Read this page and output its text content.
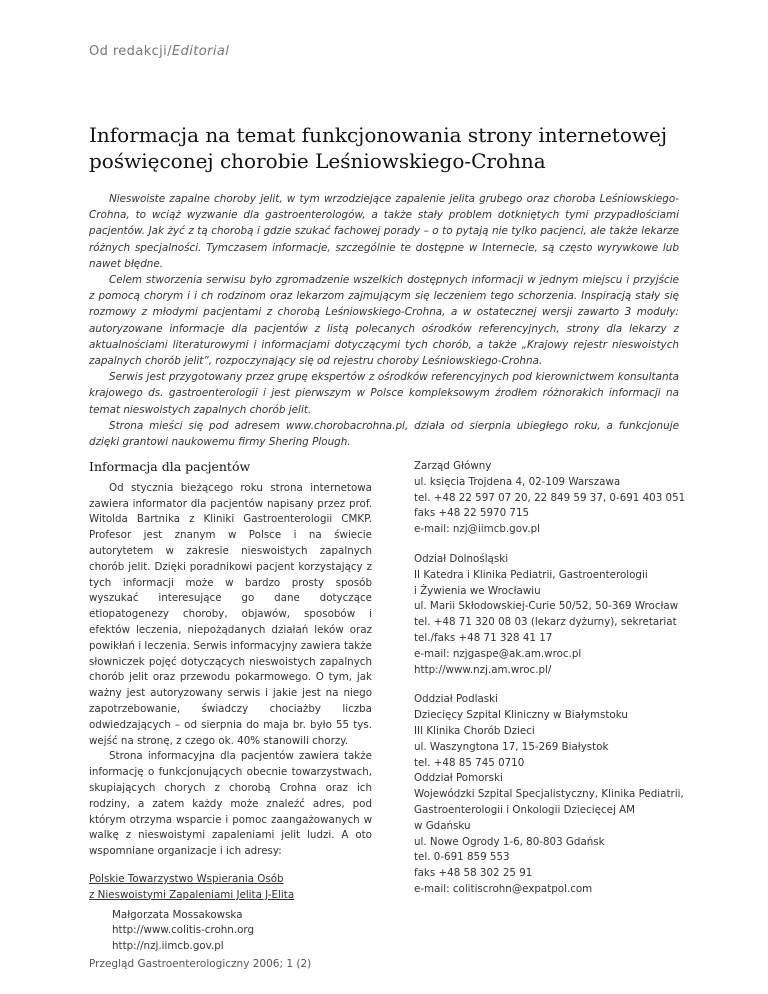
Od redakcji/Editorial
Informacja na temat funkcjonowania strony internetowej poświęconej chorobie Leśniowskiego-Crohna

Nieswoiste zapalne choroby jelit, w tym wrzodziejące zapalenie jelita grubego oraz choroba Leśniowskiego-Crohna, to wciąż wyzwanie dla gastroenterologów, a także stały problem dotkniętych tymi przypadłościami pacjentów. Jak żyć z tą chorobą i gdzie szukać fachowej porady – o to pytają nie tylko pacjenci, ale także lekarze różnych specjalności. Tymczasem informacje, szczególnie te dostępne w Internecie, są często wyrywkowe lub nawet błędne.

Celem stworzenia serwisu było zgromadzenie wszelkich dostępnych informacji w jednym miejscu i przyjście z pomocą chorym i i ch rodzinom oraz lekarzom zajmującym się leczeniem tego schorzenia. Inspiracją stały się rozmowy z młodymi pacjentami z chorobą Leśniowskiego-Crohna, a w ostatecznej wersji zawarto 3 moduły: autoryzowane informacje dla pacjentów z listą polecanych ośrodków referencyjnych, strony dla lekarzy z aktualnościami literaturowymi i informacjami dotyczącymi tych chorób, a także „Krajowy rejestr nieswoistych zapalnych chorób jelit”, rozpoczynający się od rejestru choroby Leśniowskiego-Crohna.

Serwis jest przygotowany przez grupę ekspertów z ośrodków referencyjnych pod kierownictwem konsultanta krajowego ds. gastroenterologii i jest pierwszym w Polsce kompleksowym źrodłem różnorakich informacji na temat nieswoistych zapalnych chorób jelit.

Strona mieści się pod adresem www.chorobacrohna.pl, działa od sierpnia ubiegłego roku, a funkcjonuje dzięki grantowi naukowemu firmy Shering Plough.

Informacja dla pacjentów

Od stycznia bieżącego roku strona internetowa zawiera informator dla pacjentów napisany przez prof. Witolda Bartnika z Kliniki Gastroenterologii CMKP. Profesor jest znanym w Polsce i na świecie autorytetem w zakresie nieswoistych zapalnych chorób jelit. Dzięki poradnikowi pacjent korzystający z tych informacji może w bardzo prosty sposób wyszukać interesujące go dane dotyczące etiopatogenezy choroby, objawów, sposobów i efektów leczenia, niepożądanych działań leków oraz powikłań i leczenia. Serwis informacyjny zawiera także słowniczek pojęć dotyczących nieswoistych zapalnych chorób jelit oraz przewodu pokarmowego. O tym, jak ważny jest autoryzowany serwis i jakie jest na niego zapotrzebowanie, świadczy chociażby liczba odwiedzających – od sierpnia do maja br. było 55 tys. wejść na stronę, z czego ok. 40% stanowili chorzy.

Strona informacyjna dla pacjentów zawiera także informację o funkcjonujących obecnie towarzystwach, skupiających chorych z chorobą Crohna oraz ich rodziny, a zatem każdy może znaleźć adres, pod którym otrzyma wsparcie i pomoc zaangażowanych w walkę z nieswoistymi zapaleniami jelit ludzi. A oto wspomniane organizacje i ich adresy:

Polskie Towarzystwo Wspierania Osób
z Nieswoistymi Zapaleniami Jelita J-Elita
Małgorzata Mossakowska
http://www.colitis-crohn.org
http://nzj.iimcb.gov.pl
Zarząd Główny
ul. księcia Trojdena 4, 02-109 Warszawa
tel. +48 22 597 07 20, 22 849 59 37, 0-691 403 051
faks +48 22 5970 715
e-mail: nzj@iimcb.gov.pl
Odział Dolnośląski
II Katedra i Klinika Pediatrii, Gastroenterologii
i Żywienia we Wrocławiu
ul. Marii Skłodowskiej-Curie 50/52, 50-369 Wrocław
tel. +48 71 320 08 03 (lekarz dyżurny), sekretariat
tel./faks +48 71 328 41 17
e-mail: nzjgaspe@ak.am.wroc.pl
http://www.nzj.am.wroc.pl/
Oddział Podlaski
Dziecięcy Szpital Kliniczny w Białymstoku
III Klinika Chorób Dzieci
ul. Waszyngtona 17, 15-269 Białystok
tel. +48 85 745 0710
Oddział Pomorski
Wojewódzki Szpital Specjalistyczny, Klinika Pediatrii,
Gastroenterologii i Onkologii Dziecięcej AM
w Gdańsku
ul. Nowe Ogrody 1-6, 80-803 Gdańsk
tel. 0-691 859 553
faks +48 58 302 25 91
e-mail: colitiscrohn@expatpol.com
Przegląd Gastroenterologiczny 2006; 1 (2)
